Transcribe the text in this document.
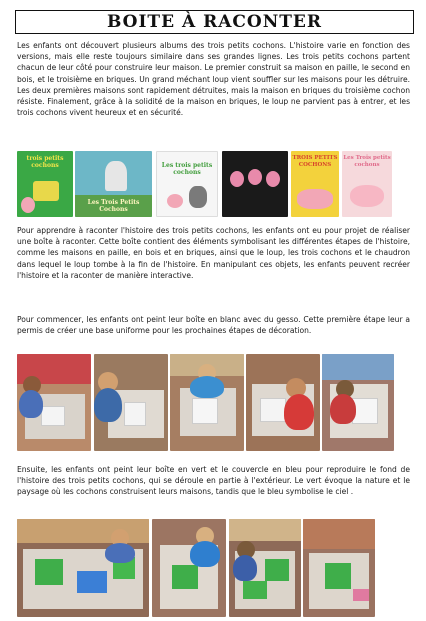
BOITE À RACONTER

Les enfants ont découvert plusieurs albums des trois petits cochons. L'histoire varie en fonction des versions, mais elle reste toujours similaire dans ses grandes lignes. Les trois petits cochons partent chacun de leur côté pour construire leur maison. Le premier construit sa maison en paille, le second en bois, et le troisième en briques. Un grand méchant loup vient souffler sur les maisons pour les détruire. Les deux premières maisons sont rapidement détruites, mais la maison en briques du troisième cochon résiste. Finalement, grâce à la solidité de la maison en briques, le loup ne parvient pas à entrer, et les trois cochons vivent heureux et en sécurité.

trois petits cochons
Les Trois Petits Cochons
Les trois petits cochons
TROIS PETITS COCHONS
Les Trois petits cochons

Pour apprendre à raconter l'histoire des trois petits cochons, les enfants ont eu pour projet de réaliser une boîte à raconter. Cette boîte contient des éléments symbolisant les différentes étapes de l'histoire, comme les maisons en paille, en bois et en briques, ainsi que le loup, les trois cochons et le chaudron dans lequel le loup tombe à la fin de l'histoire. En manipulant ces objets, les enfants peuvent recréer l'histoire et la raconter de manière interactive.

Pour commencer, les enfants ont peint leur boîte en blanc avec du gesso. Cette première étape leur a permis de créer une base uniforme pour les prochaines étapes de décoration.

Ensuite, les enfants ont peint leur boîte en vert et le couvercle en bleu pour reproduire le fond de l'histoire des trois petits cochons, qui se déroule en partie à l'extérieur. Le vert évoque la nature et le paysage où les cochons construisent leurs maisons, tandis que le bleu symbolise le ciel .
